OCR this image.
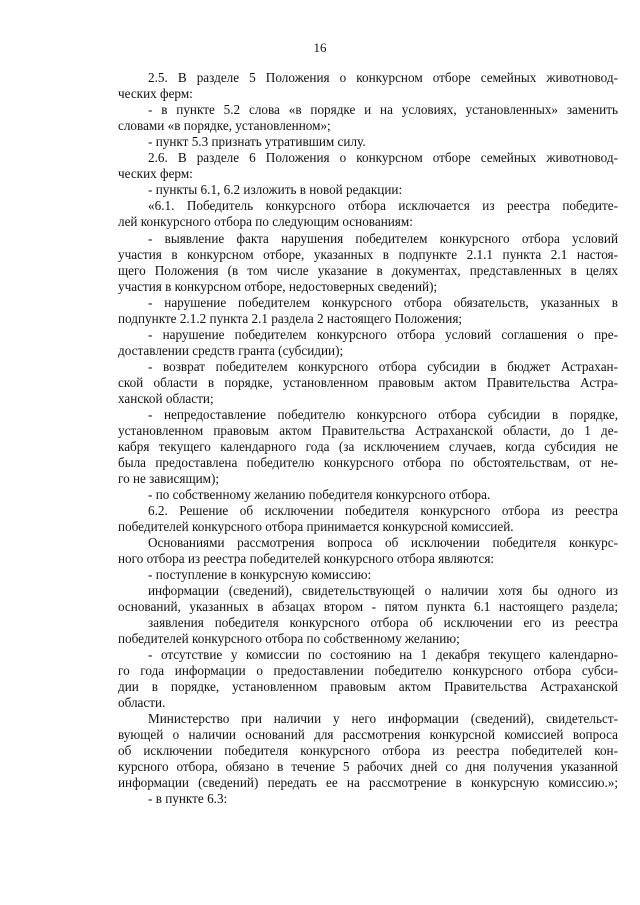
16
2.5. В разделе 5 Положения о конкурсном отборе семейных животновод-
ческих ферм:
- в пункте 5.2 слова «в порядке и на условиях, установленных» заменить
словами «в порядке, установленном»;
- пункт 5.3 признать утратившим силу.
2.6. В разделе 6 Положения о конкурсном отборе семейных животновод-
ческих ферм:
- пункты 6.1, 6.2 изложить в новой редакции:
«6.1. Победитель конкурсного отбора исключается из реестра победите-
лей конкурсного отбора по следующим основаниям:
- выявление факта нарушения победителем конкурсного отбора условий
участия в конкурсном отборе, указанных в подпункте 2.1.1 пункта 2.1 настоя-
щего Положения (в том числе указание в документах, представленных в целях
участия в конкурсном отборе, недостоверных сведений);
- нарушение победителем конкурсного отбора обязательств, указанных в
подпункте 2.1.2 пункта 2.1 раздела 2 настоящего Положения;
- нарушение победителем конкурсного отбора условий соглашения о пре-
доставлении средств гранта (субсидии);
- возврат победителем конкурсного отбора субсидии в бюджет Астрахан-
ской области в порядке, установленном правовым актом Правительства Астра-
ханской области;
- непредоставление победителю конкурсного отбора субсидии в порядке,
установленном правовым актом Правительства Астраханской области, до 1 де-
кабря текущего календарного года (за исключением случаев, когда субсидия не
была предоставлена победителю конкурсного отбора по обстоятельствам, от не-
го не зависящим);
- по собственному желанию победителя конкурсного отбора.
6.2. Решение об исключении победителя конкурсного отбора из реестра
победителей конкурсного отбора принимается конкурсной комиссией.
Основаниями рассмотрения вопроса об исключении победителя конкурс-
ного отбора из реестра победителей конкурсного отбора являются:
- поступление в конкурсную комиссию:
информации (сведений), свидетельствующей о наличии хотя бы одного из
оснований, указанных в абзацах втором - пятом пункта 6.1 настоящего раздела;
заявления победителя конкурсного отбора об исключении его из реестра
победителей конкурсного отбора по собственному желанию;
- отсутствие у комиссии по состоянию на 1 декабря текущего календарно-
го года информации о предоставлении победителю конкурсного отбора субси-
дии в порядке, установленном правовым актом Правительства Астраханской
области.
Министерство при наличии у него информации (сведений), свидетельст-
вующей о наличии оснований для рассмотрения конкурсной комиссией вопроса
об исключении победителя конкурсного отбора из реестра победителей кон-
курсного отбора, обязано в течение 5 рабочих дней со дня получения указанной
информации (сведений) передать ее на рассмотрение в конкурсную комиссию.»;
- в пункте 6.3:
